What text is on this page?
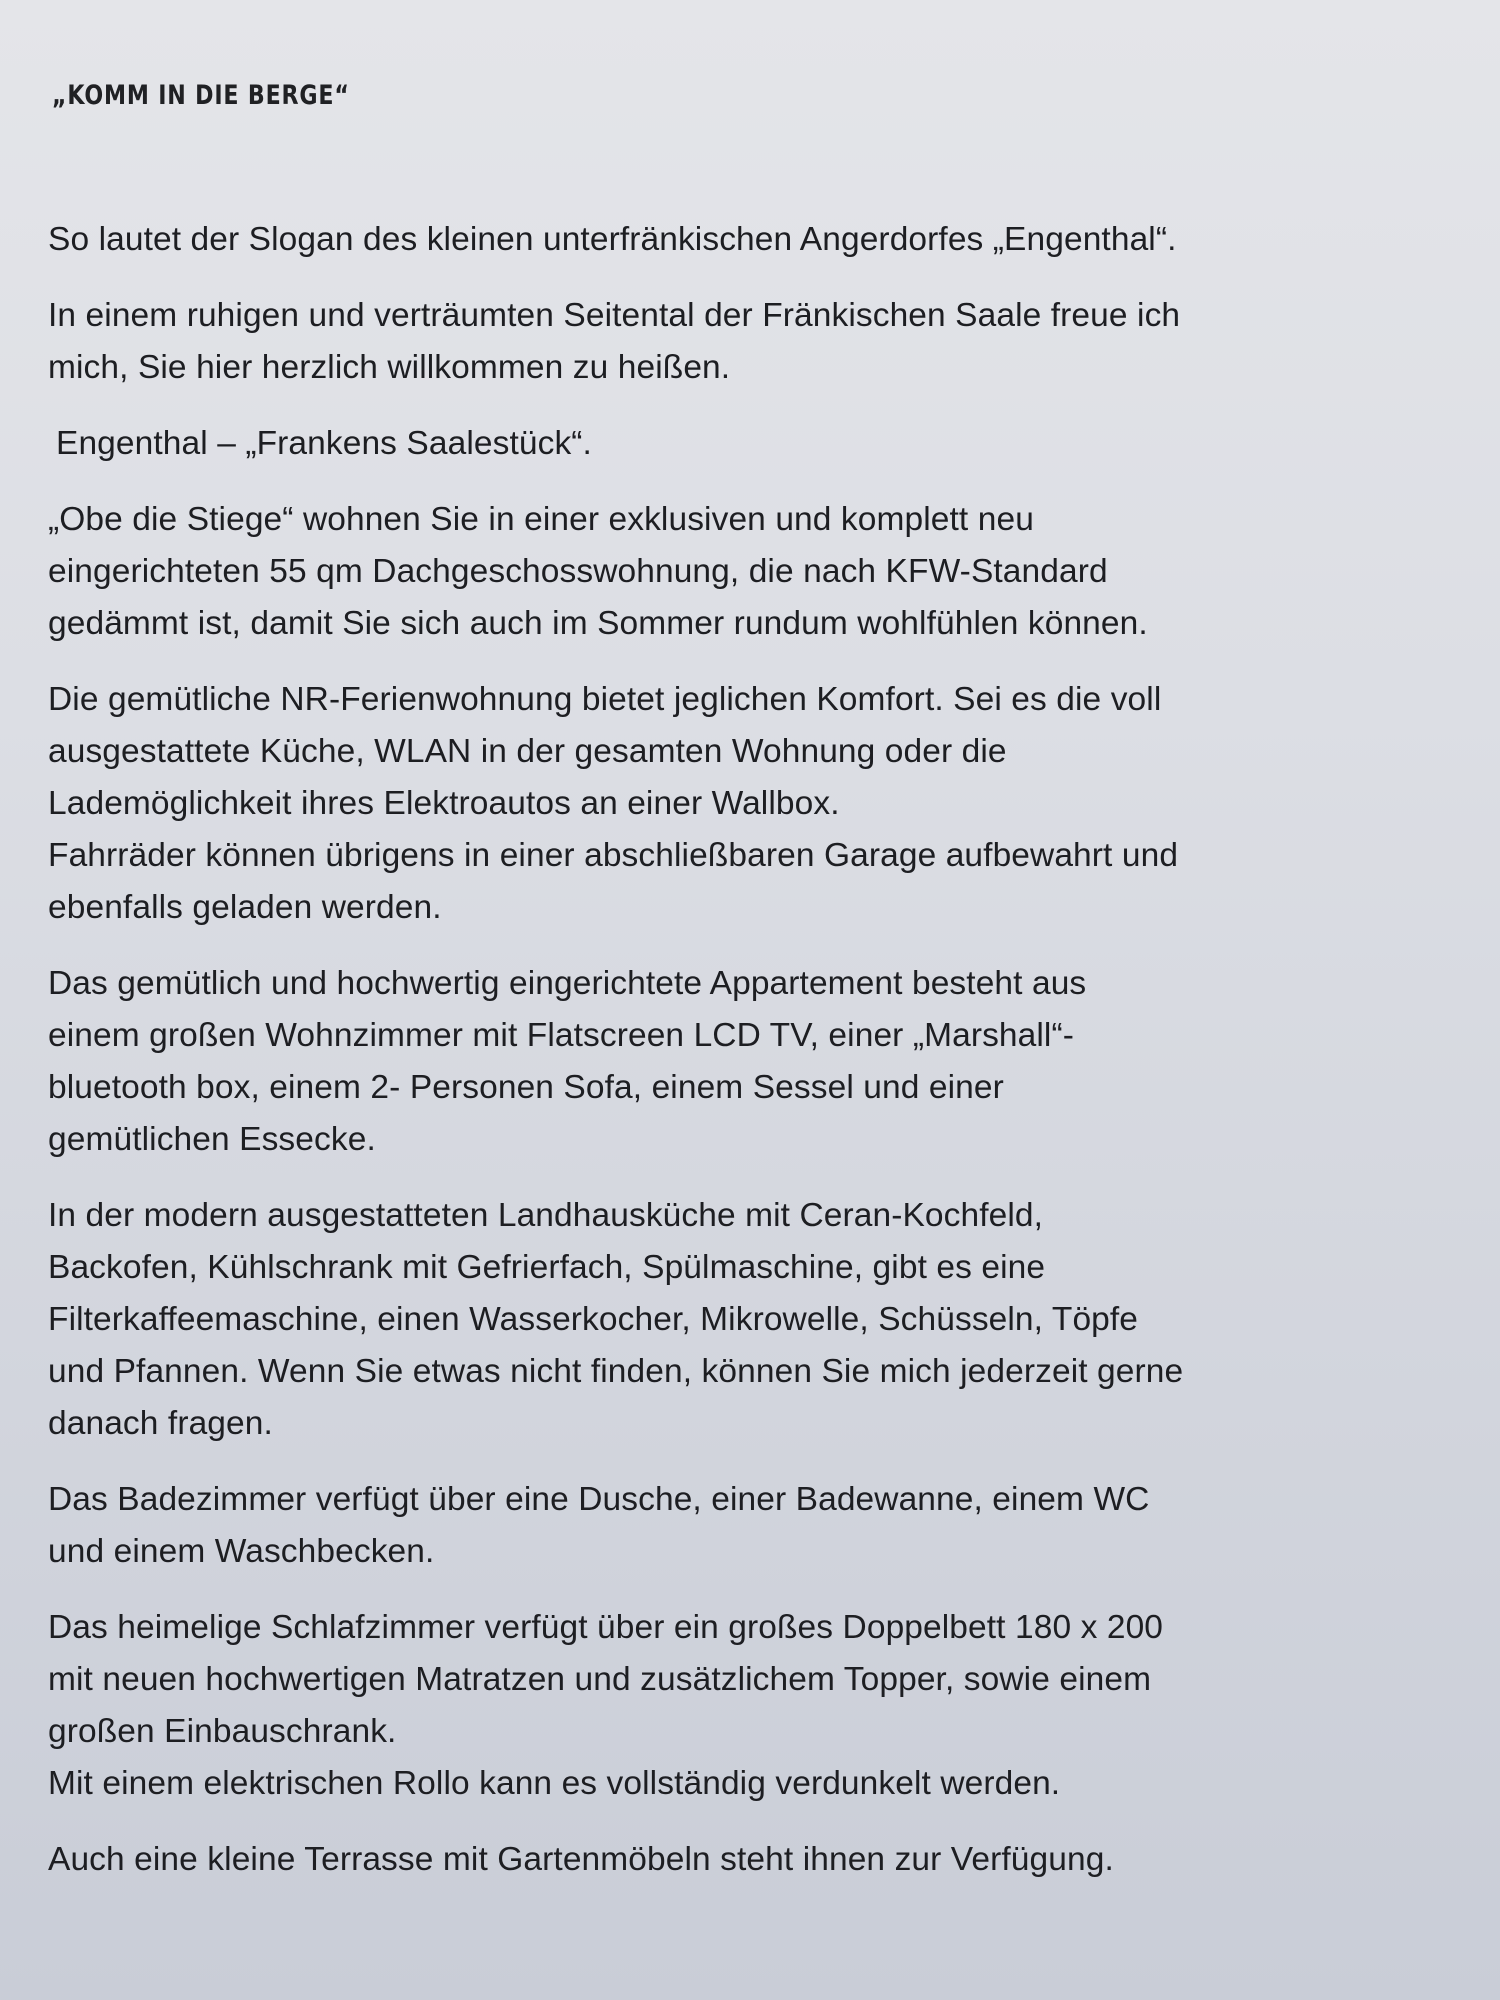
„KOMM IN DIE BERGE“

So lautet der Slogan des kleinen unterfränkischen Angerdorfes „Engenthal“.

In einem ruhigen und verträumten Seitental der Fränkischen Saale freue ich
mich, Sie hier herzlich willkommen zu heißen.

Engenthal – „Frankens Saalestück“.

„Obe die Stiege“ wohnen Sie in einer exklusiven und komplett neu
eingerichteten 55 qm Dachgeschosswohnung, die nach KFW-Standard
gedämmt ist, damit Sie sich auch im Sommer rundum wohlfühlen können.

Die gemütliche NR-Ferienwohnung bietet jeglichen Komfort. Sei es die voll
ausgestattete Küche, WLAN in der gesamten Wohnung oder die
Lademöglichkeit ihres Elektroautos an einer Wallbox.
Fahrräder können übrigens in einer abschließbaren Garage aufbewahrt und
ebenfalls geladen werden.

Das gemütlich und hochwertig eingerichtete Appartement besteht aus
einem großen Wohnzimmer mit Flatscreen LCD TV, einer „Marshall“-
bluetooth box, einem 2- Personen Sofa, einem Sessel und einer
gemütlichen Essecke.

In der modern ausgestatteten Landhausküche mit Ceran-Kochfeld,
Backofen, Kühlschrank mit Gefrierfach, Spülmaschine, gibt es eine
Filterkaffeemaschine, einen Wasserkocher, Mikrowelle, Schüsseln, Töpfe
und Pfannen. Wenn Sie etwas nicht finden, können Sie mich jederzeit gerne
danach fragen.

Das Badezimmer verfügt über eine Dusche, einer Badewanne, einem WC
und einem Waschbecken.

Das heimelige Schlafzimmer verfügt über ein großes Doppelbett 180 x 200
mit neuen hochwertigen Matratzen und zusätzlichem Topper, sowie einem
großen Einbauschrank.
Mit einem elektrischen Rollo kann es vollständig verdunkelt werden.

Auch eine kleine Terrasse mit Gartenmöbeln steht ihnen zur Verfügung.
